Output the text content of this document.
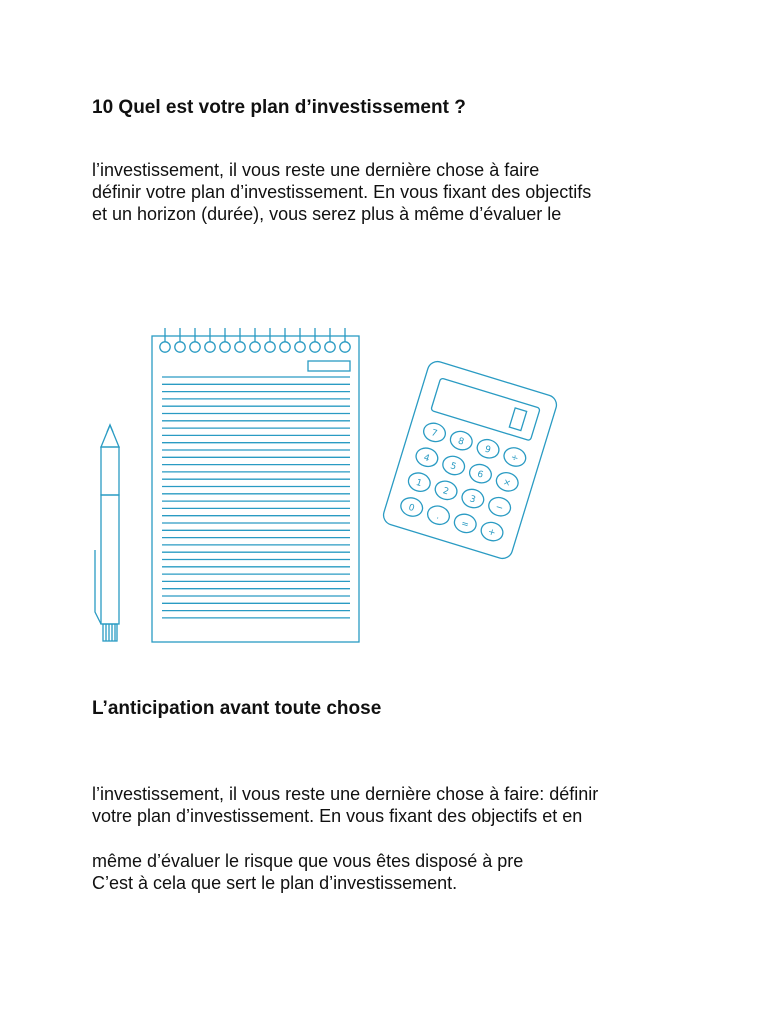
10 Quel est votre plan d’investissement ?
l’investissement, il vous reste une dernière chose à faire
définir votre plan d’investissement. En vous fixant des objectifs
et un horizon (durée), vous serez plus à même d’évaluer le
7
8
9
÷
4
5
6
×
1
2
3
−
0
.
=
+
L’anticipation avant toute chose
l’investissement, il vous reste une dernière chose à faire: définir
votre plan d’investissement. En vous fixant des objectifs et en
même d’évaluer le risque que vous êtes disposé à pre
C’est à cela que sert le plan d’investissement.
